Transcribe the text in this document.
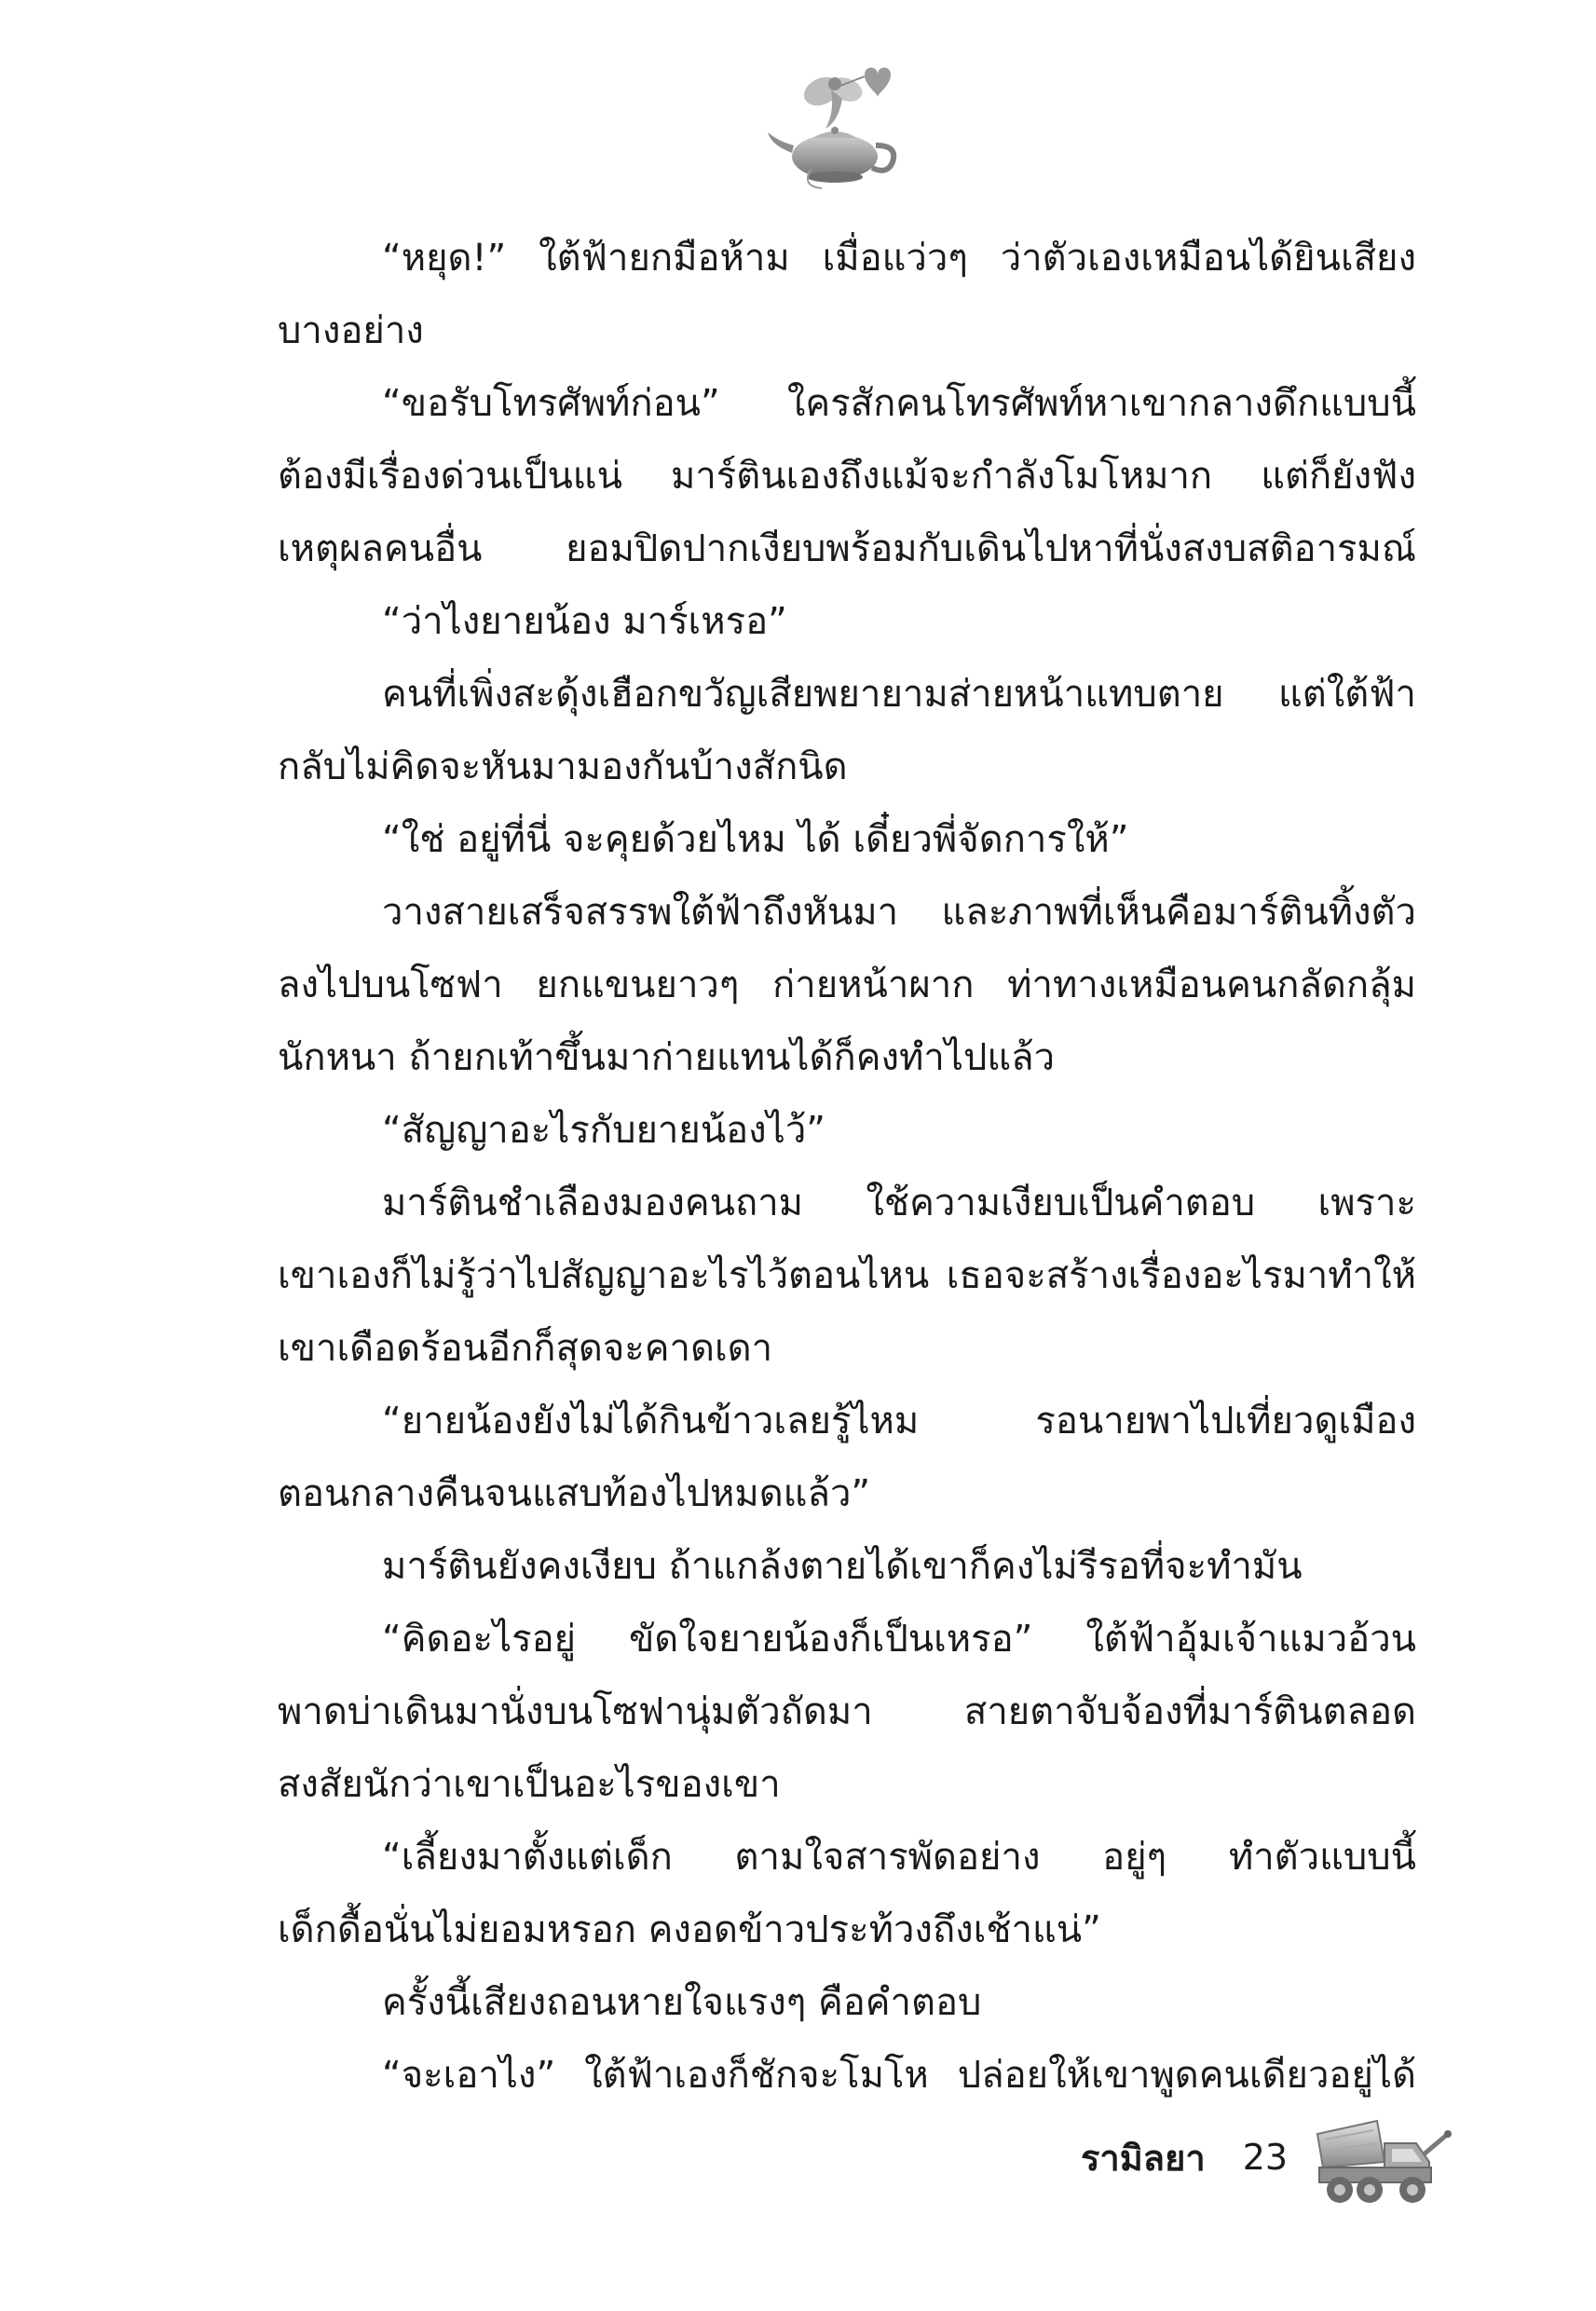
“หยุด!” ใต้ฟ้ายกมือห้าม เมื่อแว่วๆ ว่าตัวเองเหมือนได้ยินเสียง
บางอย่าง
“ขอรับโทรศัพท์ก่อน” ใครสักคนโทรศัพท์หาเขากลางดึกแบบนี้
ต้องมีเรื่องด่วนเป็นแน่ มาร์ตินเองถึงแม้จะกำลังโมโหมาก แต่ก็ยังฟัง
เหตุผลคนอื่น ยอมปิดปากเงียบพร้อมกับเดินไปหาที่นั่งสงบสติอารมณ์
“ว่าไงยายน้อง มาร์เหรอ”
คนที่เพิ่งสะดุ้งเฮือกขวัญเสียพยายามส่ายหน้าแทบตาย แต่ใต้ฟ้า
กลับไม่คิดจะหันมามองกันบ้างสักนิด
“ใช่ อยู่ที่นี่ จะคุยด้วยไหม ได้ เดี๋ยวพี่จัดการให้”
วางสายเสร็จสรรพใต้ฟ้าถึงหันมา และภาพที่เห็นคือมาร์ตินทิ้งตัว
ลงไปบนโซฟา ยกแขนยาวๆ ก่ายหน้าผาก ท่าทางเหมือนคนกลัดกลุ้ม
นักหนา ถ้ายกเท้าขึ้นมาก่ายแทนได้ก็คงทำไปแล้ว
“สัญญาอะไรกับยายน้องไว้”
มาร์ตินชำเลืองมองคนถาม ใช้ความเงียบเป็นคำตอบ เพราะ
เขาเองก็ไม่รู้ว่าไปสัญญาอะไรไว้ตอนไหน เธอจะสร้างเรื่องอะไรมาทำให้
เขาเดือดร้อนอีกก็สุดจะคาดเดา
“ยายน้องยังไม่ได้กินข้าวเลยรู้ไหม รอนายพาไปเที่ยวดูเมือง
ตอนกลางคืนจนแสบท้องไปหมดแล้ว”
มาร์ตินยังคงเงียบ ถ้าแกล้งตายได้เขาก็คงไม่รีรอที่จะทำมัน
“คิดอะไรอยู่ ขัดใจยายน้องก็เป็นเหรอ” ใต้ฟ้าอุ้มเจ้าแมวอ้วน
พาดบ่าเดินมานั่งบนโซฟานุ่มตัวถัดมา สายตาจับจ้องที่มาร์ตินตลอด
สงสัยนักว่าเขาเป็นอะไรของเขา
“เลี้ยงมาตั้งแต่เด็ก ตามใจสารพัดอย่าง อยู่ๆ ทำตัวแบบนี้
เด็กดื้อนั่นไม่ยอมหรอก คงอดข้าวประท้วงถึงเช้าแน่”
ครั้งนี้เสียงถอนหายใจแรงๆ คือคำตอบ
“จะเอาไง” ใต้ฟ้าเองก็ชักจะโมโห ปล่อยให้เขาพูดคนเดียวอยู่ได้
รามิลยา 23
